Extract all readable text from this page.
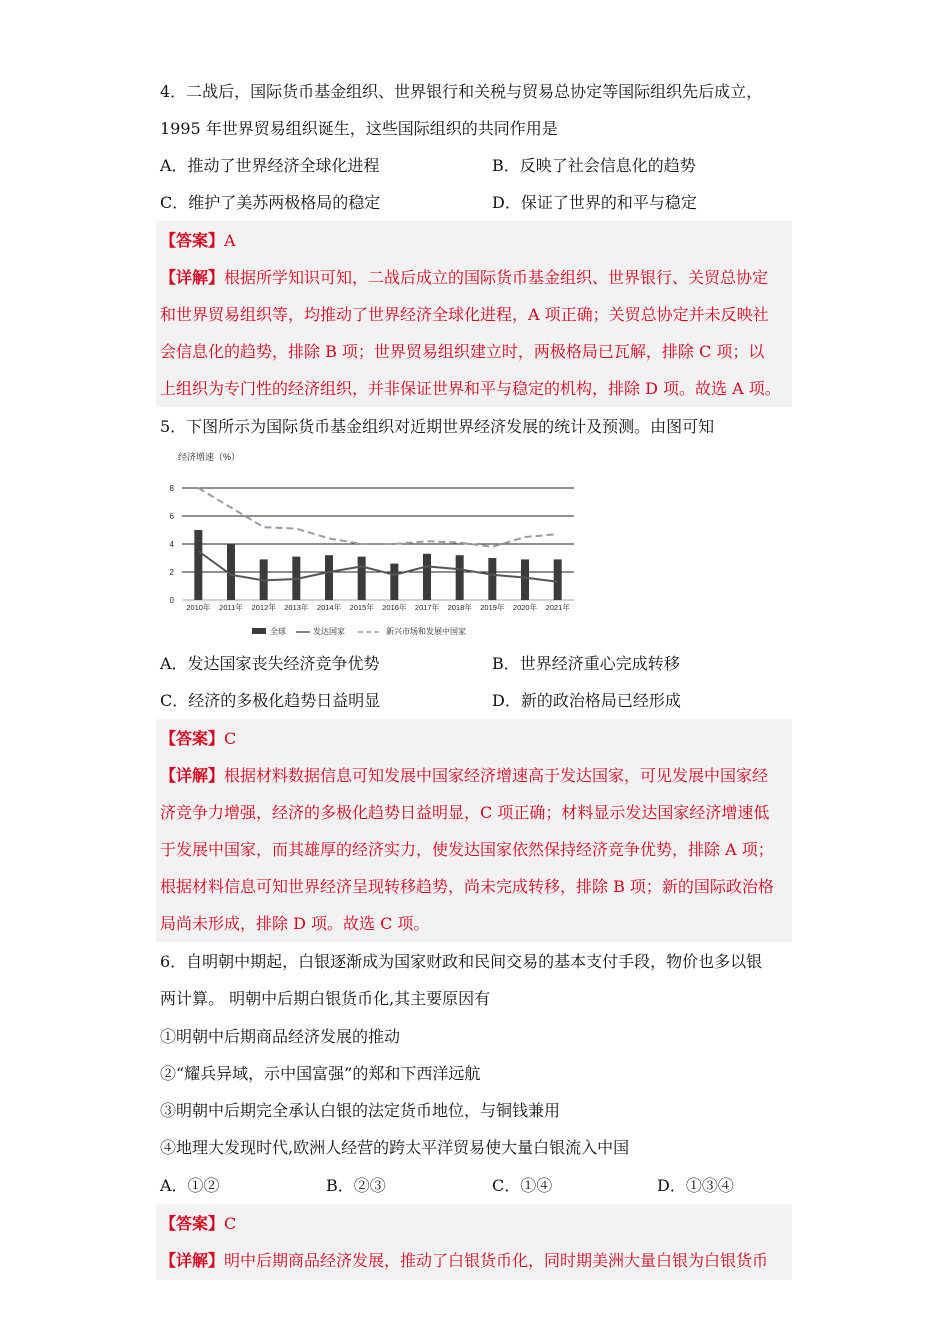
4．二战后，国际货币基金组织、世界银行和关税与贸易总协定等国际组织先后成立，
1995 年世界贸易组织诞生，这些国际组织的共同作用是
A．推动了世界经济全球化进程	B．反映了社会信息化的趋势
C．维护了美苏两极格局的稳定	D．保证了世界的和平与稳定
【答案】A
【详解】根据所学知识可知，二战后成立的国际货币基金组织、世界银行、关贸总协定
和世界贸易组织等，均推动了世界经济全球化进程，A 项正确；关贸总协定并未反映社
会信息化的趋势，排除 B 项；世界贸易组织建立时，两极格局已瓦解，排除 C 项；以
上组织为专门性的经济组织，并非保证世界和平与稳定的机构，排除 D 项。故选 A 项。
5．下图所示为国际货币基金组织对近期世界经济发展的统计及预测。由图可知
经济增速（%）
2010年 2011年 2012年 2013年 2014年 2015年 2016年 2017年 2018年 2019年 2020年 2021年
0
2
4
6
8
全球	发达国家	新兴市场和发展中国家
A．发达国家丧失经济竞争优势	B．世界经济重心完成转移
C．经济的多极化趋势日益明显	D．新的政治格局已经形成
【答案】C
【详解】根据材料数据信息可知发展中国家经济增速高于发达国家，可见发展中国家经
济竞争力增强，经济的多极化趋势日益明显，C 项正确；材料显示发达国家经济增速低
于发展中国家，而其雄厚的经济实力，使发达国家依然保持经济竞争优势，排除 A 项；
根据材料信息可知世界经济呈现转移趋势，尚未完成转移，排除 B 项；新的国际政治格
局尚未形成，排除 D 项。故选 C 项。
6．自明朝中期起，白银逐渐成为国家财政和民间交易的基本支付手段，物价也多以银
两计算。 明朝中后期白银货币化,其主要原因有
①明朝中后期商品经济发展的推动
②“耀兵异域，示中国富强”的郑和下西洋远航
③明朝中后期完全承认白银的法定货币地位，与铜钱兼用
④地理大发现时代,欧洲人经营的跨太平洋贸易使大量白银流入中国
A．①②	B．②③	C．①④	D．①③④
【答案】C
【详解】明中后期商品经济发展，推动了白银货币化，同时期美洲大量白银为白银货币
